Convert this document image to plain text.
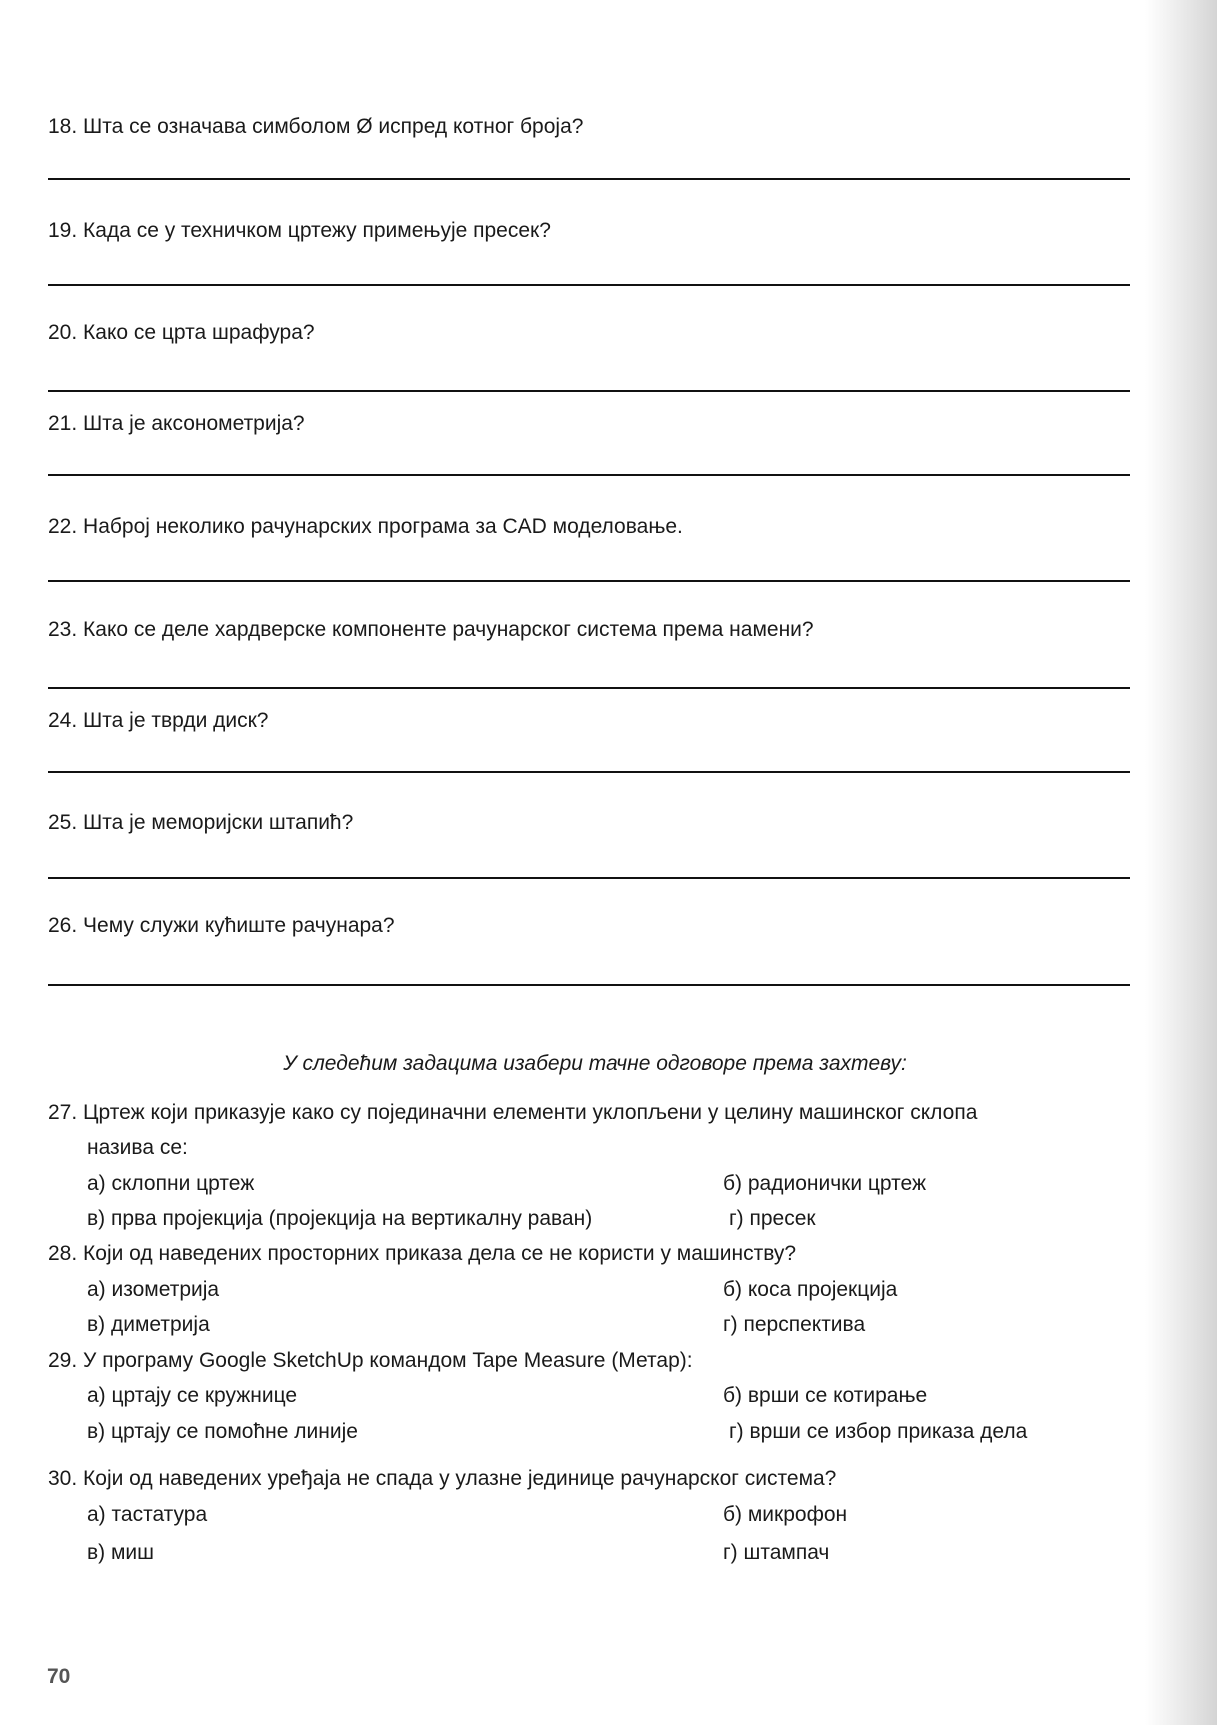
18. Шта се означава симболом Ø испред котног броја?
19. Када се у техничком цртежу примењује пресек?
20. Како се црта шрафура?
21. Шта је аксонометрија?
22. Наброј неколико рачунарских програма за CAD моделовање.
23. Како се деле хардверске компоненте рачунарског система према намени?
24. Шта је тврди диск?
25. Шта је меморијски штапић?
26. Чему служи кућиште рачунара?
У следећим задацима изабери тачне одговоре према захтеву:
27. Цртеж који приказује како су појединачни елементи уклопљени у целину машинског склопа
назива се:
а) склопни цртеж	б) радионички цртеж
в) прва пројекција (пројекција на вертикалну раван)	г) пресек
28. Који од наведених просторних приказа дела се не користи у машинству?
а) изометрија	б) коса пројекција
в) диметрија	г) перспектива
29. У програму Google SketchUp командом Tape Measure (Метар):
а) цртају се кружнице	б) врши се котирање
в) цртају се помоћне линије	г) врши се избор приказа дела
30. Који од наведених уређаја не спада у улазне јединице рачунарског система?
а) тастатура	б) микрофон
в) миш	г) штампач
70
